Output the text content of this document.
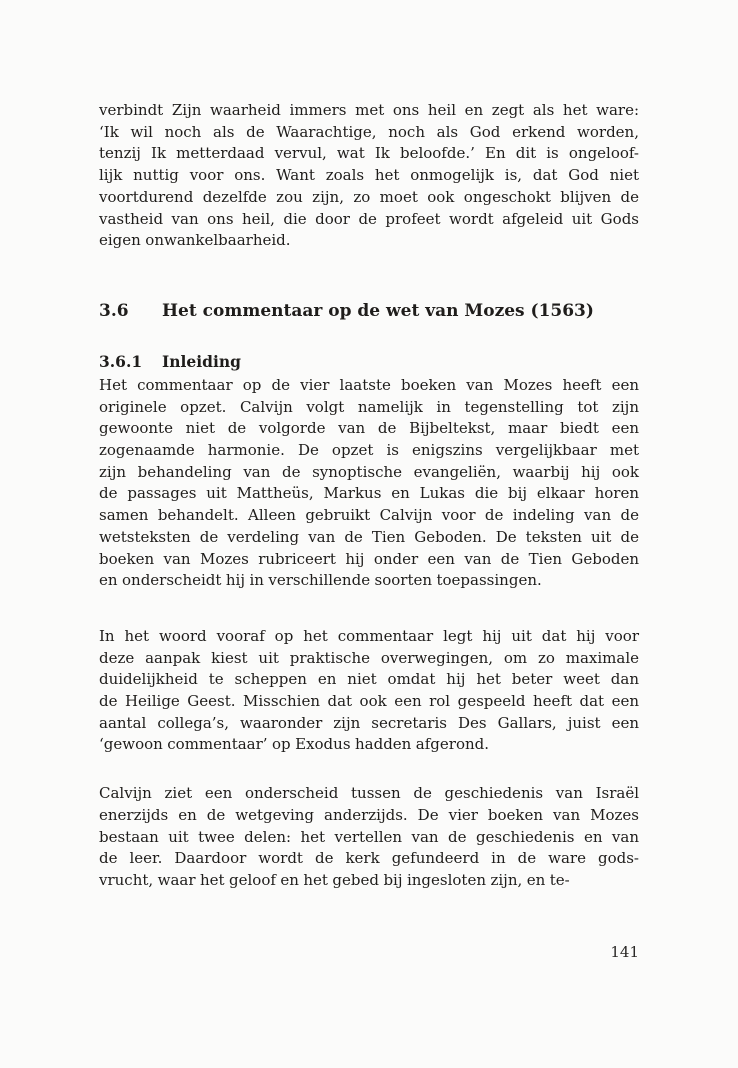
verbindt Zijn waarheid immers met ons heil en zegt als het ware:
‘Ik wil noch als de Waarachtige, noch als God erkend worden,
tenzij Ik metterdaad vervul, wat Ik beloofde.’ En dit is ongeloof-
lijk nuttig voor ons. Want zoals het onmogelijk is, dat God niet
voortdurend dezelfde zou zijn, zo moet ook ongeschokt blijven de
vastheid van ons heil, die door de profeet wordt afgeleid uit Gods
eigen onwankelbaarheid.
3.6 Het commentaar op de wet van Mozes (1563)
3.6.1 Inleiding
Het commentaar op de vier laatste boeken van Mozes heeft een
originele opzet. Calvijn volgt namelijk in tegenstelling tot zijn
gewoonte niet de volgorde van de Bijbeltekst, maar biedt een
zogenaamde harmonie. De opzet is enigszins vergelijkbaar met
zijn behandeling van de synoptische evangeliën, waarbij hij ook
de passages uit Mattheüs, Markus en Lukas die bij elkaar horen
samen behandelt. Alleen gebruikt Calvijn voor de indeling van de
wetsteksten de verdeling van de Tien Geboden. De teksten uit de
boeken van Mozes rubriceert hij onder een van de Tien Geboden
en onderscheidt hij in verschillende soorten toepassingen.
In het woord vooraf op het commentaar legt hij uit dat hij voor
deze aanpak kiest uit praktische overwegingen, om zo maximale
duidelijkheid te scheppen en niet omdat hij het beter weet dan
de Heilige Geest. Misschien dat ook een rol gespeeld heeft dat een
aantal collega’s, waaronder zijn secretaris Des Gallars, juist een
‘gewoon commentaar’ op Exodus hadden afgerond.
Calvijn ziet een onderscheid tussen de geschiedenis van Israël
enerzijds en de wetgeving anderzijds. De vier boeken van Mozes
bestaan uit twee delen: het vertellen van de geschiedenis en van
de leer. Daardoor wordt de kerk gefundeerd in de ware gods-
vrucht, waar het geloof en het gebed bij ingesloten zijn, en te-
141
